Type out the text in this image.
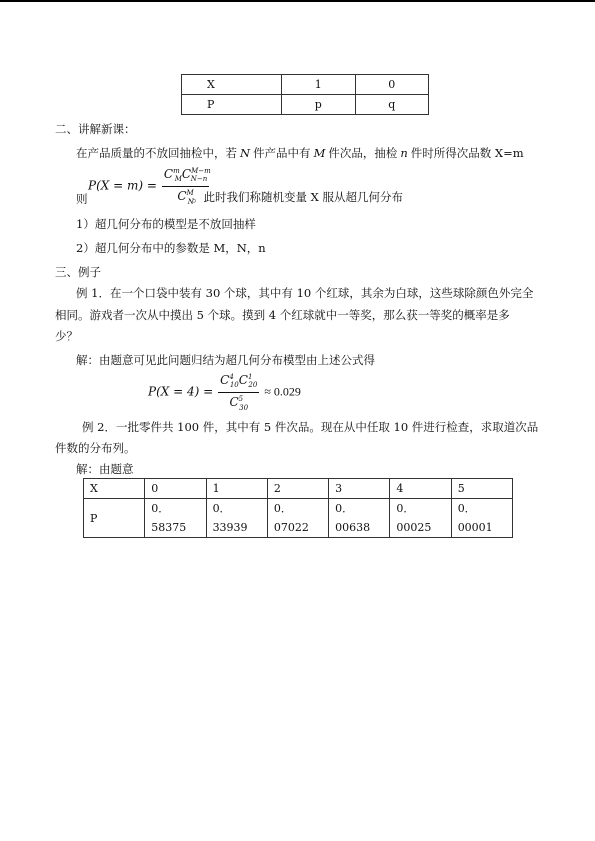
X	1	0
P	p	q
二、讲解新课：
在产品质量的不放回抽检中，若 N 件产品中有 M 件次品，抽检 n 件时所得次品数 X=m
$P(X = m) = \frac{C^m_MC^{M-m}_{N-n}}{C^M_N}$
则	。此时我们称随机变量 X 服从超几何分布
1）超几何分布的模型是不放回抽样
2）超几何分布中的参数是 M，N，n
三、例子
例 1．在一个口袋中装有 30 个球，其中有 10 个红球，其余为白球，这些球除颜色外完全
相同。游戏者一次从中摸出 5 个球。摸到 4 个红球就中一等奖，那么获一等奖的概率是多
少？
解：由题意可见此问题归结为超几何分布模型由上述公式得
$P(X = 4) = \frac{C^4_{10}C^1_{20}}{C^5_{30}} \approx 0.029$
例 2．一批零件共 100 件，其中有 5 件次品。现在从中任取 10 件进行检查，求取道次品
件数的分布列。
解：由题意
X	0	1	2	3	4	5
P	0．58375	0．33939	0．07022	0．00638	0．00025	0．00001
